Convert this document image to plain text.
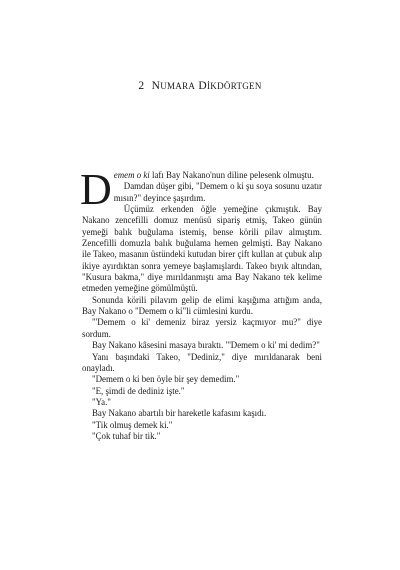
2 NUMARA DİKDÖRTGEN

Demem o ki lafı Bay Nakano'nun diline pelesenk olmuştu.

Damdan düşer gibi, "Demem o ki şu soya sosunu uzatır mısın?" deyince şaşırdım.

Üçümüz erkenden öğle yemeğine çıkmıştık. Bay Nakano zencefilli domuz menüsü sipariş etmiş, Takeo günün yemeği balık buğulama istemiş, bense körili pilav almıştım. Zencefilli domuzla balık buğulama hemen gelmişti. Bay Nakano ile Takeo, masanın üstündeki kutudan birer çift kullan at çubuk alıp ikiye ayırdıktan sonra yemeye başlamışlardı. Takeo bıyık altından, "Kusura bakma," diye mırıldanmıştı ama Bay Nakano tek kelime etmeden yemeğine gömülmüştü.

Sonunda körili pilavım gelip de elimi kaşığıma attığım anda, Bay Nakano o "Demem o ki"li cümlesini kurdu.

"'Demem o ki' demeniz biraz yersiz kaçmıyor mu?" diye sordum.

Bay Nakano kâsesini masaya bıraktı. "'Demem o ki' mi dedim?"

Yanı başındaki Takeo, "Dediniz," diye mırıldanarak beni onayladı.

"Demem o ki ben öyle bir şey demedim."

"E, şimdi de dediniz işte."

"Ya."

Bay Nakano abartılı bir hareketle kafasını kaşıdı.

"Tik olmuş demek ki."

"Çok tuhaf bir tik."
